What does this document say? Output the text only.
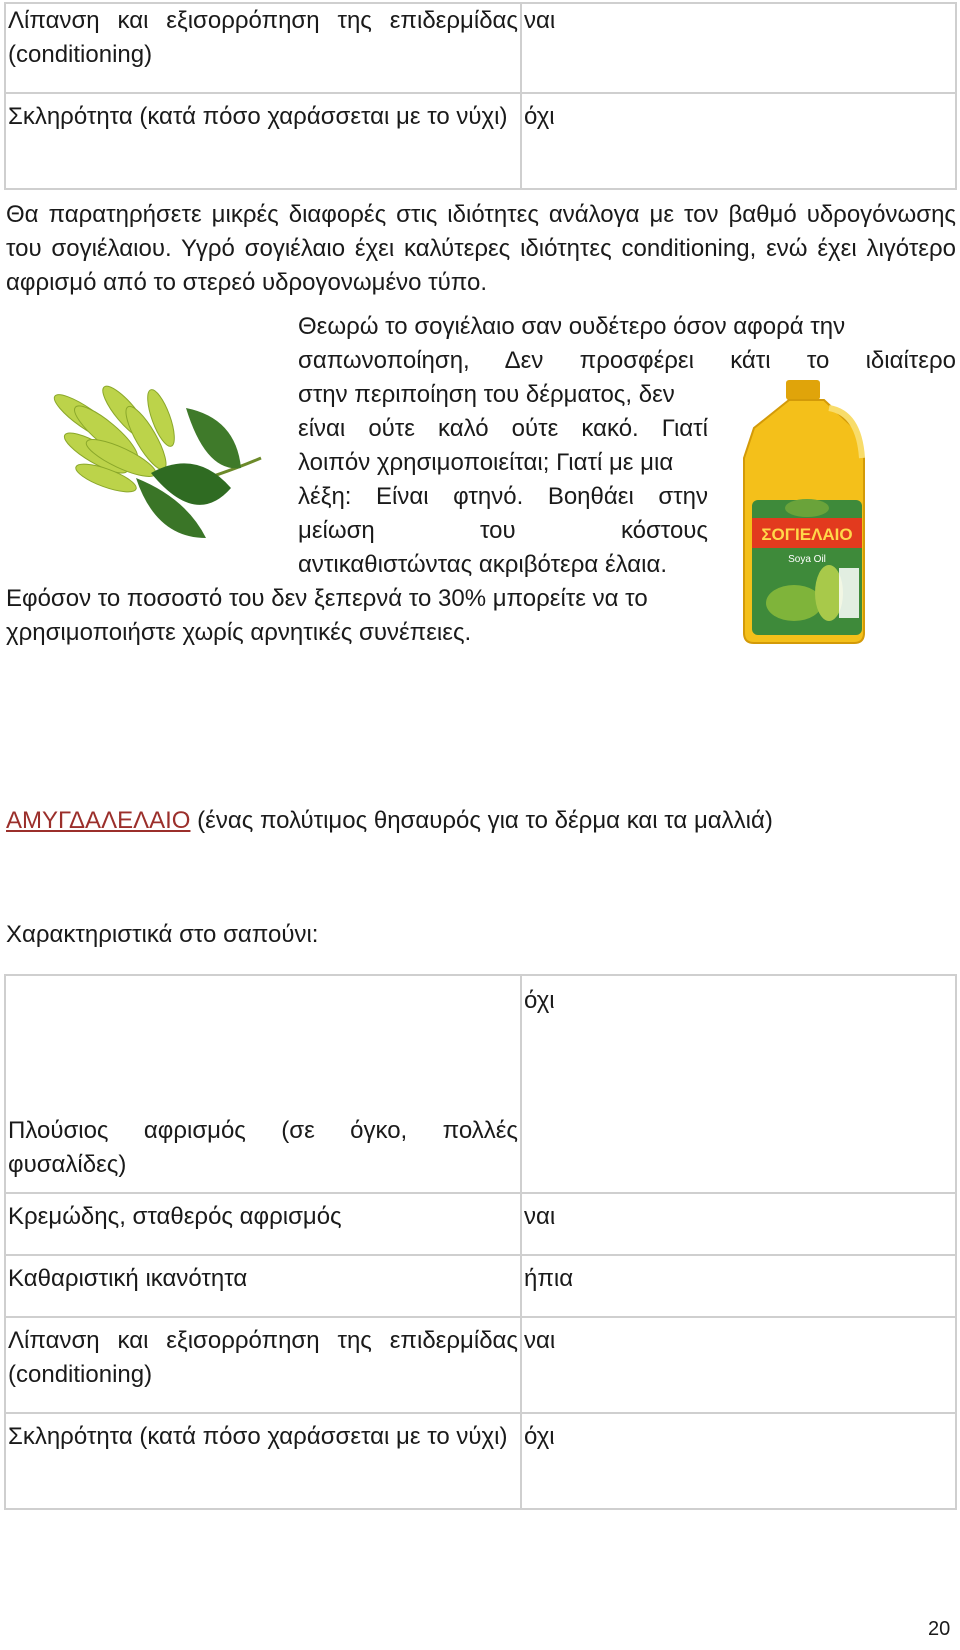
Λίπανση και εξισορρόπηση της επιδερμίδας (conditioning)	ναι
Σκληρότητα (κατά πόσο χαράσσεται με το νύχι)	όχι
Θα παρατηρήσετε μικρές διαφορές στις ιδιότητες ανάλογα με τον βαθμό υδρογόνωσης του σογιέλαιου. Υγρό σογιέλαιο έχει καλύτερες ιδιότητες conditioning, ενώ έχει λιγότερο αφρισμό από το στερεό υδρογονωμένο τύπο.
ΣΟΓΙΕΛΑΙΟ
Soya Oil
Θεωρώ το σογιέλαιο σαν ουδέτερο όσον αφορά την
σαπωνοποίηση, Δεν προσφέρει κάτι το ιδιαίτερο
στην περιποίηση του δέρματος, δεν
είναι ούτε καλό ούτε κακό. Γιατί
λοιπόν χρησιμοποιείται; Γιατί με μια
λέξη: Είναι φτηνό. Βοηθάει στην
μείωση του κόστους
αντικαθιστώντας ακριβότερα έλαια.
Εφόσον το ποσοστό του δεν ξεπερνά το 30% μπορείτε να το
χρησιμοποιήστε χωρίς αρνητικές συνέπειες.
ΑΜΥΓΔΑΛΕΛΑΙΟ (ένας πολύτιμος θησαυρός για το δέρμα και τα μαλλιά)
Χαρακτηριστικά στο σαπούνι:
Πλούσιος αφρισμός (σε όγκο, πολλές φυσαλίδες)	όχι
Κρεμώδης, σταθερός αφρισμός	ναι
Καθαριστική ικανότητα	ήπια
Λίπανση και εξισορρόπηση της επιδερμίδας (conditioning)	ναι
Σκληρότητα (κατά πόσο χαράσσεται με το νύχι)	όχι
20
